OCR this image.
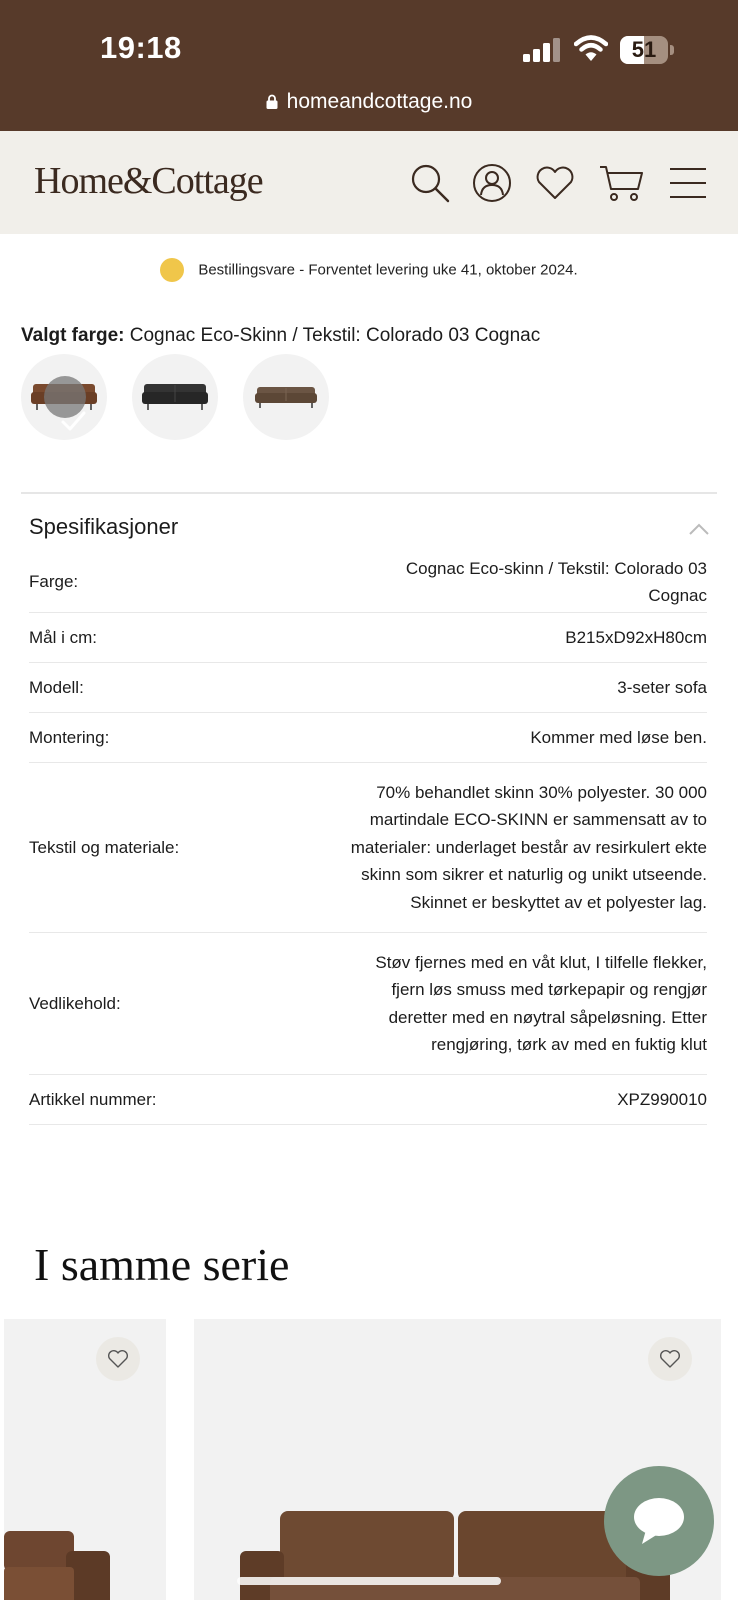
19:18	51
homeandcottage.no
Home&Cottage
Bestillingsvare - Forventet levering uke 41, oktober 2024.
Valgt farge: Cognac Eco-Skinn / Tekstil: Colorado 03 Cognac
Spesifikasjoner
Farge:
Cognac Eco-skinn / Tekstil: Colorado 03 Cognac
Mål i cm:	B215xD92xH80cm
Modell:	3-seter sofa
Montering:	Kommer med løse ben.
Tekstil og materiale:
70% behandlet skinn 30% polyester. 30 000 martindale ECO-SKINN er sammensatt av to materialer: underlaget består av resirkulert ekte skinn som sikrer et naturlig og unikt utseende. Skinnet er beskyttet av et polyester lag.
Vedlikehold:
Støv fjernes med en våt klut, I tilfelle flekker, fjern løs smuss med tørkepapir og rengjør deretter med en nøytral såpeløsning. Etter rengjøring, tørk av med en fuktig klut
Artikkel nummer:	XPZ990010
I samme serie
